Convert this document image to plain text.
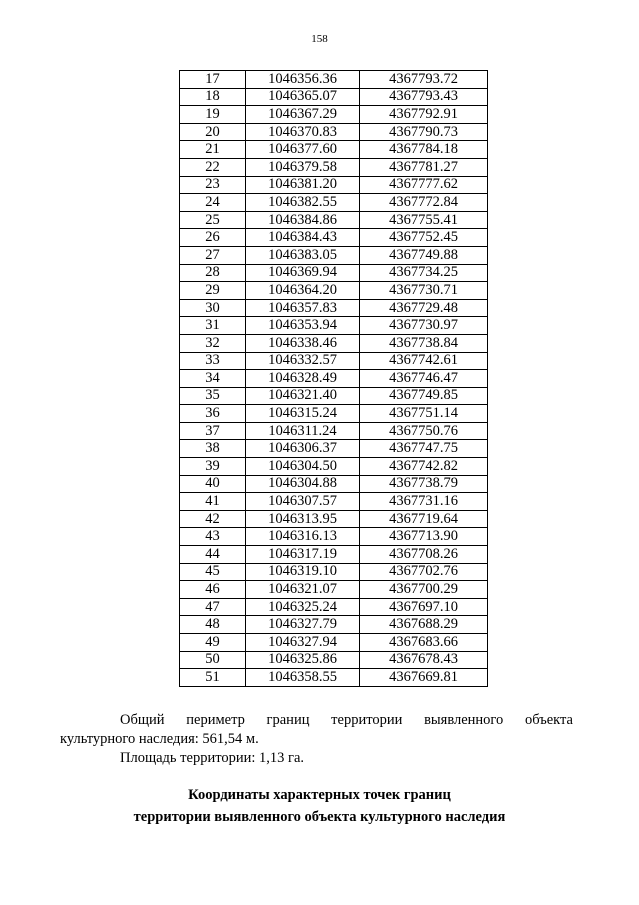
158
17	1046356.36	4367793.72
18	1046365.07	4367793.43
19	1046367.29	4367792.91
20	1046370.83	4367790.73
21	1046377.60	4367784.18
22	1046379.58	4367781.27
23	1046381.20	4367777.62
24	1046382.55	4367772.84
25	1046384.86	4367755.41
26	1046384.43	4367752.45
27	1046383.05	4367749.88
28	1046369.94	4367734.25
29	1046364.20	4367730.71
30	1046357.83	4367729.48
31	1046353.94	4367730.97
32	1046338.46	4367738.84
33	1046332.57	4367742.61
34	1046328.49	4367746.47
35	1046321.40	4367749.85
36	1046315.24	4367751.14
37	1046311.24	4367750.76
38	1046306.37	4367747.75
39	1046304.50	4367742.82
40	1046304.88	4367738.79
41	1046307.57	4367731.16
42	1046313.95	4367719.64
43	1046316.13	4367713.90
44	1046317.19	4367708.26
45	1046319.10	4367702.76
46	1046321.07	4367700.29
47	1046325.24	4367697.10
48	1046327.79	4367688.29
49	1046327.94	4367683.66
50	1046325.86	4367678.43
51	1046358.55	4367669.81
Общий периметр границ территории выявленного объекта
культурного наследия: 561,54 м.
Площадь территории: 1,13 га.
Координаты характерных точек границ
территории выявленного объекта культурного наследия
